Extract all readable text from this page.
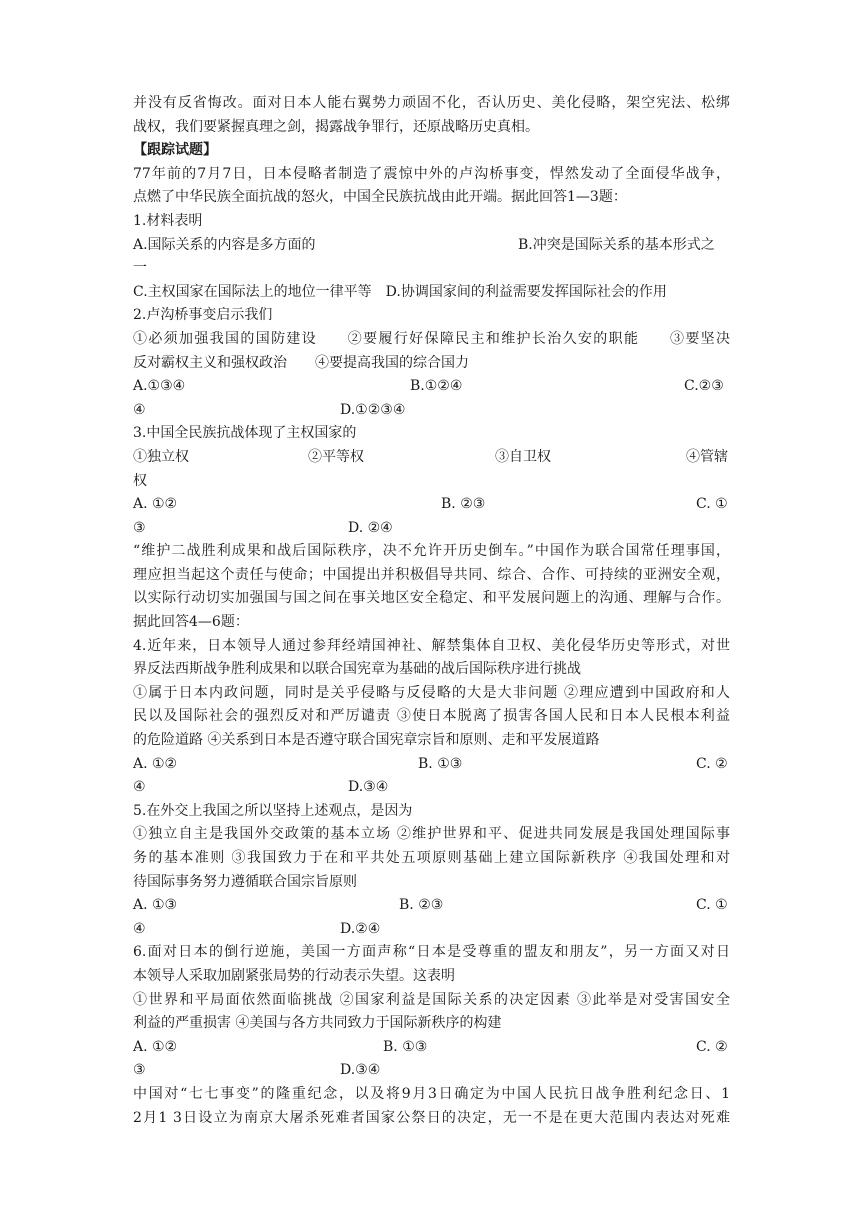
并没有反省悔改。面对日本人能右翼势力顽固不化，否认历史、美化侵略，架空宪法、松绑
战权，我们要紧握真理之剑，揭露战争罪行，还原战略历史真相。
【跟踪试题】
77年前的7月7日，日本侵略者制造了震惊中外的卢沟桥事变，悍然发动了全面侵华战争，
点燃了中华民族全面抗战的怒火，中国全民族抗战由此开端。据此回答1—3题：
1.材料表明
A.国际关系的内容是多方面的	B.冲突是国际关系的基本形式之
一
C.主权国家在国际法上的地位一律平等　D.协调国家间的利益需要发挥国际社会的作用
2.卢沟桥事变启示我们
①必须加强我国的国防建设　　②要履行好保障民主和维护长治久安的职能　　③要坚决
反对霸权主义和强权政治　　④要提高我国的综合国力
A.①③④	B.①②④	C.②③
④	D.①②③④
3.中国全民族抗战体现了主权国家的
①独立权	②平等权	③自卫权	④管辖
权
A. ①②	B. ②③	C. ①
③	D. ②④
“维护二战胜利成果和战后国际秩序，决不允许开历史倒车。”中国作为联合国常任理事国，
理应担当起这个责任与使命；中国提出并积极倡导共同、综合、合作、可持续的亚洲安全观，
以实际行动切实加强国与国之间在事关地区安全稳定、和平发展问题上的沟通、理解与合作。
据此回答4—6题：
4.近年来，日本领导人通过参拜经靖国神社、解禁集体自卫权、美化侵华历史等形式，对世
界反法西斯战争胜利成果和以联合国宪章为基础的战后国际秩序进行挑战
①属于日本内政问题，同时是关乎侵略与反侵略的大是大非问题 ②理应遭到中国政府和人
民以及国际社会的强烈反对和严厉谴责 ③使日本脱离了损害各国人民和日本人民根本利益
的危险道路 ④关系到日本是否遵守联合国宪章宗旨和原则、走和平发展道路
A. ①②	B. ①③	C. ②
④	D.③④
5.在外交上我国之所以坚持上述观点，是因为
①独立自主是我国外交政策的基本立场 ②维护世界和平、促进共同发展是我国处理国际事
务的基本准则 ③我国致力于在和平共处五项原则基础上建立国际新秩序 ④我国处理和对
待国际事务努力遵循联合国宗旨原则
A. ①③	B. ②③	C. ①
④	D.②④
6.面对日本的倒行逆施，美国一方面声称“日本是受尊重的盟友和朋友”，另一方面又对日
本领导人采取加剧紧张局势的行动表示失望。这表明
①世界和平局面依然面临挑战 ②国家利益是国际关系的决定因素 ③此举是对受害国安全
利益的严重损害 ④美国与各方共同致力于国际新秩序的构建
A. ①②	B. ①③	C. ②
③	D.③④
中国对“七七事变”的隆重纪念，以及将9月3日确定为中国人民抗日战争胜利纪念日、1
2月1 3日设立为南京大屠杀死难者国家公祭日的决定，无一不是在更大范围内表达对死难
